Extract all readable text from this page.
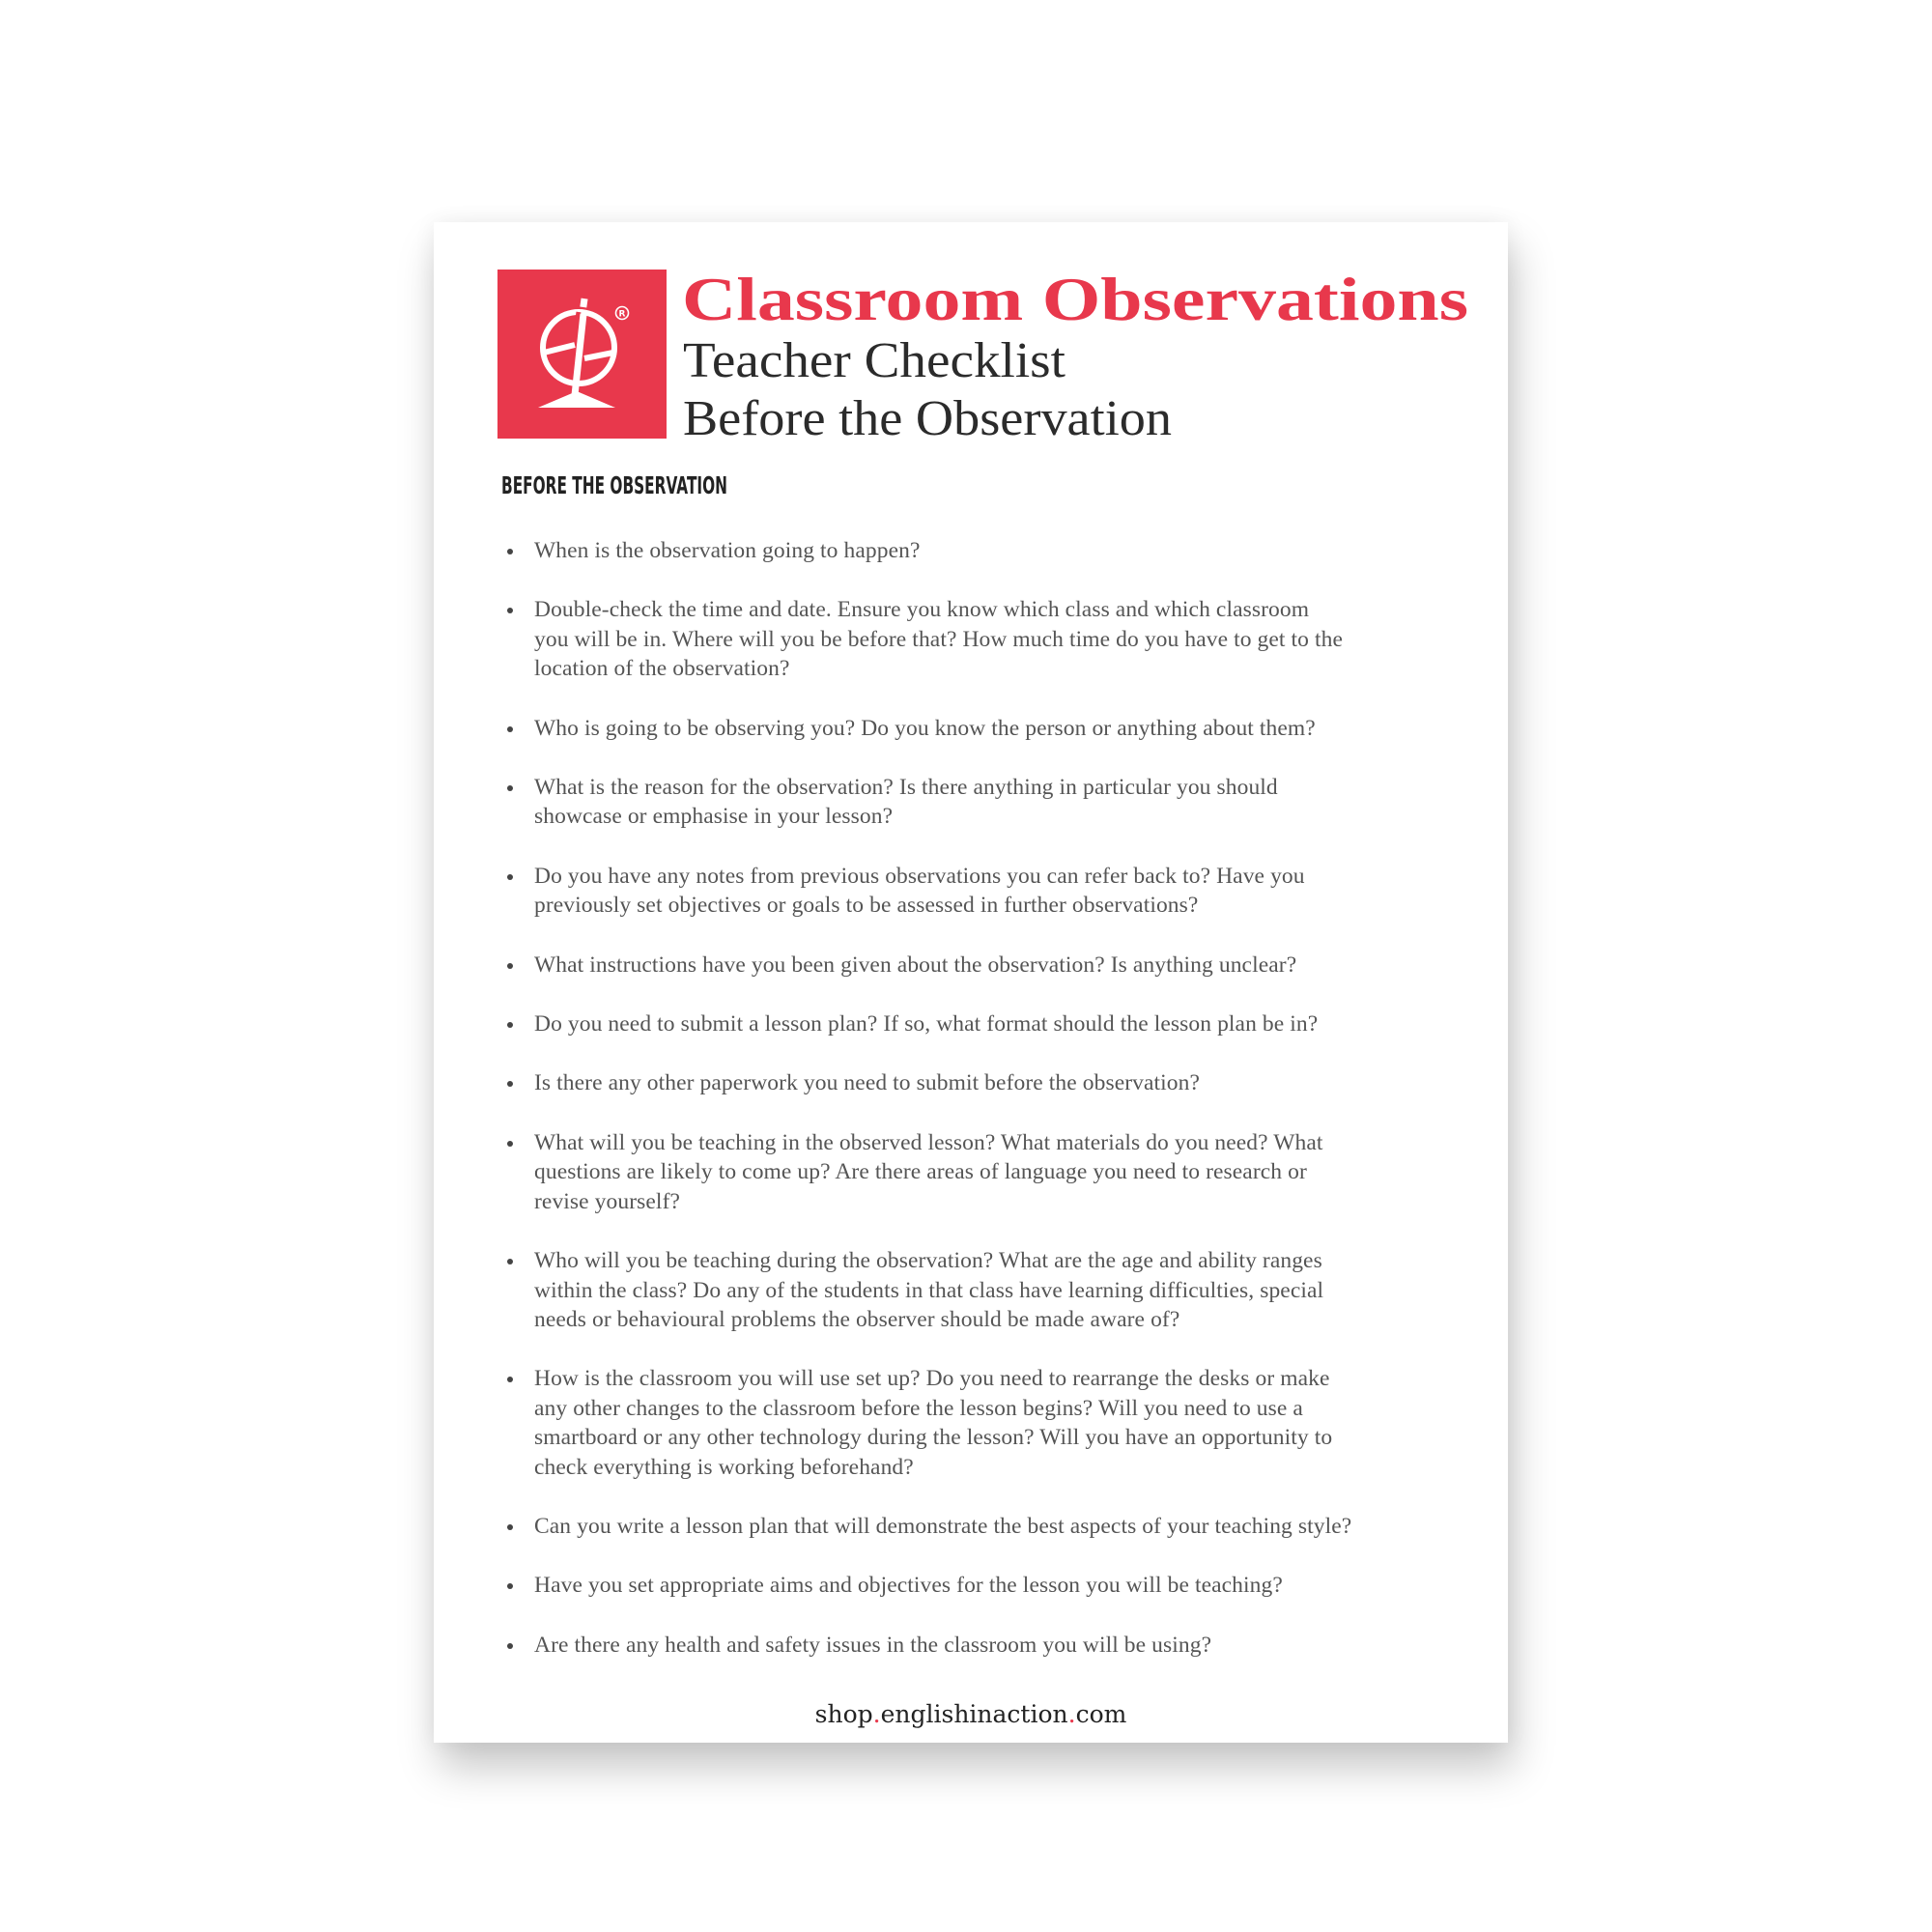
R Classroom Observations
Teacher Checklist
Before the Observation
BEFORE THE OBSERVATION
When is the observation going to happen?
Double-check the time and date. Ensure you know which class and which classroom
you will be in. Where will you be before that? How much time do you have to get to the
location of the observation?
Who is going to be observing you? Do you know the person or anything about them?
What is the reason for the observation? Is there anything in particular you should
showcase or emphasise in your lesson?
Do you have any notes from previous observations you can refer back to? Have you
previously set objectives or goals to be assessed in further observations?
What instructions have you been given about the observation? Is anything unclear?
Do you need to submit a lesson plan? If so, what format should the lesson plan be in?
Is there any other paperwork you need to submit before the observation?
What will you be teaching in the observed lesson? What materials do you need? What
questions are likely to come up? Are there areas of language you need to research or
revise yourself?
Who will you be teaching during the observation? What are the age and ability ranges
within the class? Do any of the students in that class have learning difficulties, special
needs or behavioural problems the observer should be made aware of?
How is the classroom you will use set up? Do you need to rearrange the desks or make
any other changes to the classroom before the lesson begins? Will you need to use a
smartboard or any other technology during the lesson? Will you have an opportunity to
check everything is working beforehand?
Can you write a lesson plan that will demonstrate the best aspects of your teaching style?
Have you set appropriate aims and objectives for the lesson you will be teaching?
Are there any health and safety issues in the classroom you will be using?
shop.englishinaction.com
